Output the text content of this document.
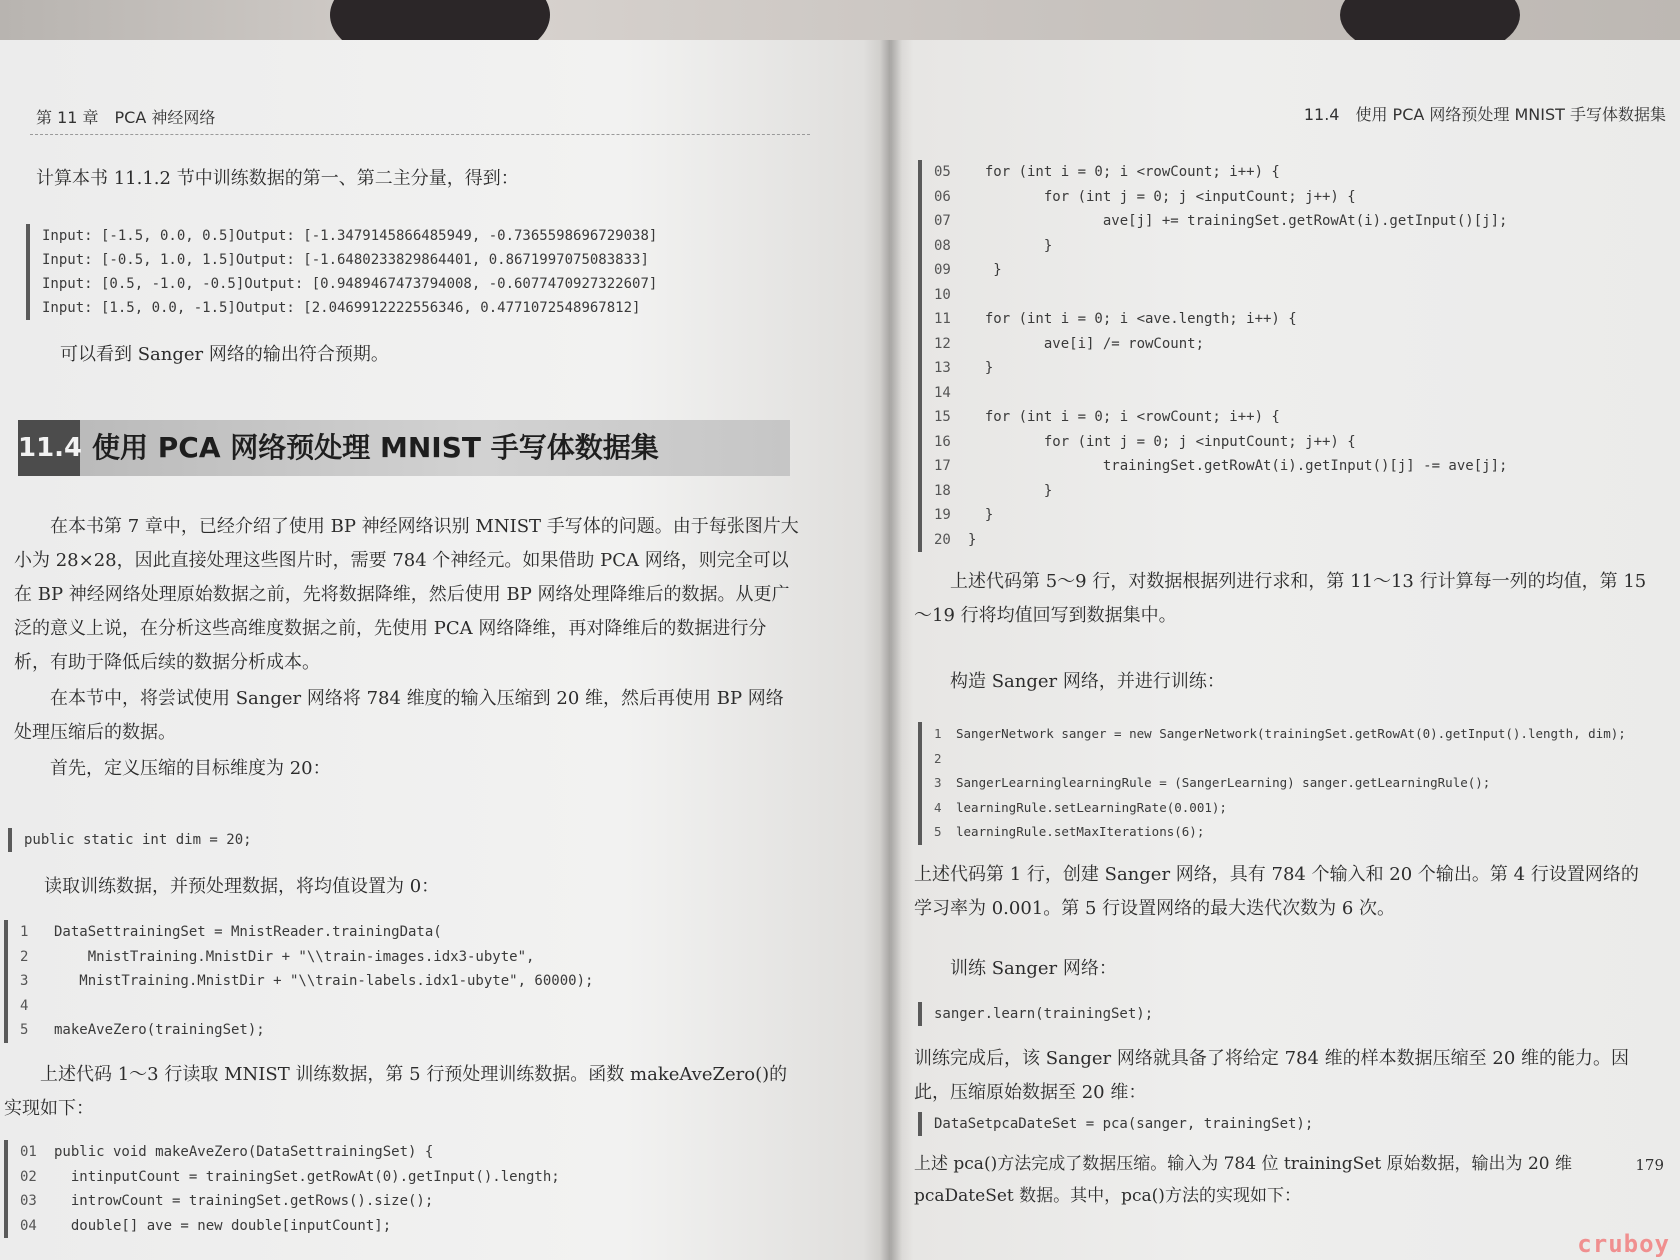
第 11 章　PCA 神经网络
计算本书 11.1.2 节中训练数据的第一、第二主分量，得到：
Input: [-1.5, 0.0, 0.5]Output: [-1.3479145866485949, -0.7365598696729038]
Input: [-0.5, 1.0, 1.5]Output: [-1.6480233829864401, 0.8671997075083833]
Input: [0.5, -1.0, -0.5]Output: [0.9489467473794008, -0.6077470927322607]
Input: [1.5, 0.0, -1.5]Output: [2.0469912222556346, 0.4771072548967812]
可以看到 Sanger 网络的输出符合预期。
11.4 使用 PCA 网络预处理 MNIST 手写体数据集
在本书第 7 章中，已经介绍了使用 BP 神经网络识别 MNIST 手写体的问题。由于每张图片大小为 28×28，因此直接处理这些图片时，需要 784 个神经元。如果借助 PCA 网络，则完全可以在 BP 神经网络处理原始数据之前，先将数据降维，然后使用 BP 网络处理降维后的数据。从更广泛的意义上说，在分析这些高维度数据之前，先使用 PCA 网络降维，再对降维后的数据进行分析，有助于降低后续的数据分析成本。
在本节中，将尝试使用 Sanger 网络将 784 维度的输入压缩到 20 维，然后再使用 BP 网络处理压缩后的数据。
首先，定义压缩的目标维度为 20：
public static int dim = 20;
读取训练数据，并预处理数据，将均值设置为 0：
1 DataSettrainingSet = MnistReader.trainingData(
2    MnistTraining.MnistDir + "\\train-images.idx3-ubyte",
3   MnistTraining.MnistDir + "\\train-labels.idx1-ubyte", 60000);
4
5 makeAveZero(trainingSet);
上述代码 1～3 行读取 MNIST 训练数据，第 5 行预处理训练数据。函数 makeAveZero()的实现如下：
01 public void makeAveZero(DataSettrainingSet) {
02  intinputCount = trainingSet.getRowAt(0).getInput().length;
03  introwCount = trainingSet.getRows().size();
04  double[] ave = new double[inputCount];
11.4　使用 PCA 网络预处理 MNIST 手写体数据集
05  for (int i = 0; i <rowCount; i++) {
06         for (int j = 0; j <inputCount; j++) {
07                ave[j] += trainingSet.getRowAt(i).getInput()[j];
08         }
09   }
10
11  for (int i = 0; i <ave.length; i++) {
12         ave[i] /= rowCount;
13  }
14
15  for (int i = 0; i <rowCount; i++) {
16         for (int j = 0; j <inputCount; j++) {
17                trainingSet.getRowAt(i).getInput()[j] -= ave[j];
18         }
19  }
20 }
上述代码第 5～9 行，对数据根据列进行求和，第 11～13 行计算每一列的均值，第 15～19 行将均值回写到数据集中。
构造 Sanger 网络，并进行训练：
1 SangerNetwork sanger = new SangerNetwork(trainingSet.getRowAt(0).getInput().length, dim);
2
3 SangerLearninglearningRule = (SangerLearning) sanger.getLearningRule();
4 learningRule.setLearningRate(0.001);
5 learningRule.setMaxIterations(6);
上述代码第 1 行，创建 Sanger 网络，具有 784 个输入和 20 个输出。第 4 行设置网络的学习率为 0.001。第 5 行设置网络的最大迭代次数为 6 次。
训练 Sanger 网络：
sanger.learn(trainingSet);
训练完成后，该 Sanger 网络就具备了将给定 784 维的样本数据压缩至 20 维的能力。因此，压缩原始数据至 20 维：
DataSetpcaDateSet = pca(sanger, trainingSet);
上述 pca()方法完成了数据压缩。输入为 784 位 trainingSet 原始数据，输出为 20 维 pcaDateSet 数据。其中，pca()方法的实现如下：
179
cruboy
